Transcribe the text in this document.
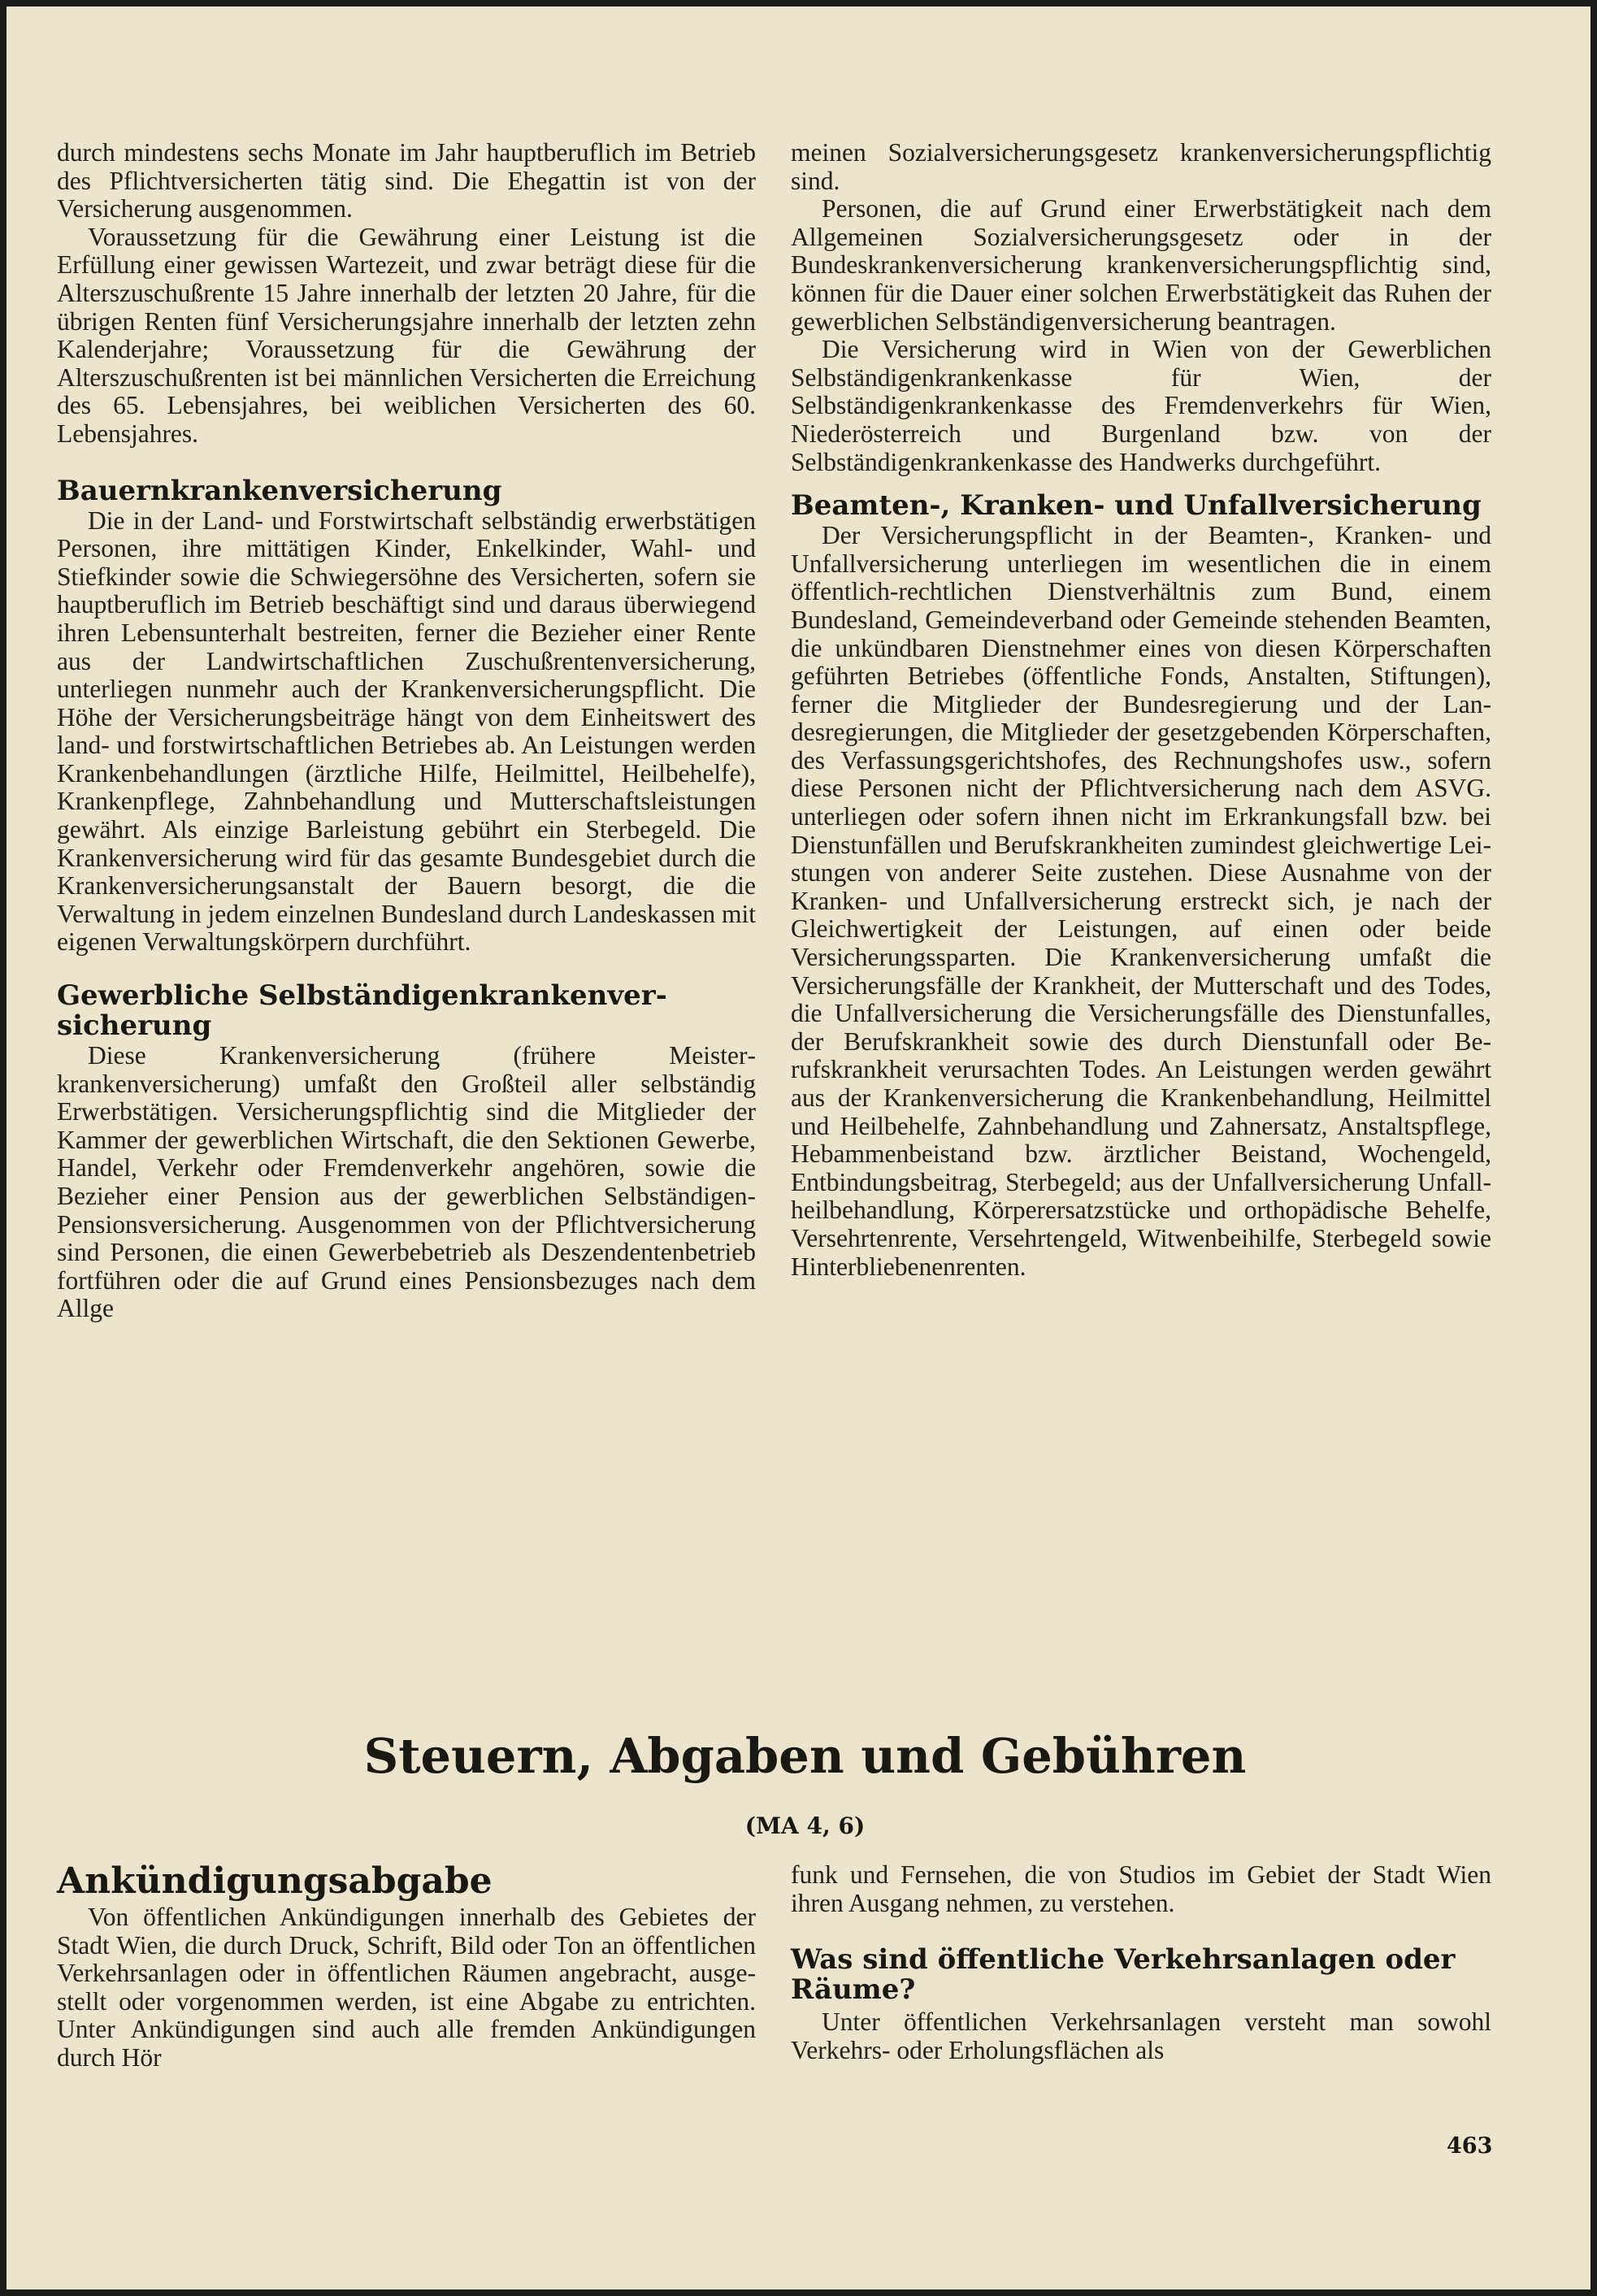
durch mindestens sechs Monate im Jahr hauptberuflich im Betrieb des Pflichtversicherten tätig sind. Die Ehegattin ist von der Versicherung ausgenommen.

Voraussetzung für die Gewährung einer Leistung ist die Erfüllung einer gewissen Wartezeit, und zwar beträgt diese für die Alterszuschußrente 15 Jahre innerhalb der letzten 20 Jahre, für die übrigen Renten fünf Versicherungsjahre innerhalb der letzten zehn Kalenderjahre; Voraussetzung für die Gewährung der Alterszuschußrenten ist bei männlichen Versicherten die Erreichung des 65. Lebensjahres, bei weiblichen Versicherten des 60. Lebensjahres.

Bauernkrankenversicherung

Die in der Land- und Forstwirtschaft selbständig erwerbstätigen Personen, ihre mittätigen Kinder, Enkelkinder, Wahl- und Stiefkinder sowie die Schwiegersöhne des Versicherten, sofern sie hauptberuflich im Betrieb beschäftigt sind und daraus überwiegend ihren Lebensunterhalt bestreiten, ferner die Bezieher einer Rente aus der Landwirtschaftlichen Zuschußrentenversicherung, unterliegen nunmehr auch der Krankenversicherungspflicht. Die Höhe der Versicherungsbeiträge hängt von dem Einheitswert des land- und forstwirtschaftlichen Betriebes ab. An Leistungen werden Krankenbehandlungen (ärztliche Hilfe, Heilmittel, Heilbehelfe), Krankenpflege, Zahnbehandlung und Mutterschaftsleistungen gewährt. Als einzige Barleistung gebührt ein Sterbegeld. Die Krankenversicherung wird für das gesamte Bundesgebiet durch die Krankenversicherungsanstalt der Bauern besorgt, die die Verwaltung in jedem einzelnen Bundesland durch Landeskassen mit eigenen Verwaltungskörpern durchführt.

Gewerbliche Selbständigenkrankenversicherung

Diese Krankenversicherung (frühere Meisterkrankenversicherung) umfaßt den Großteil aller selbständig Erwerbstätigen. Versicherungspflichtig sind die Mitglieder der Kammer der gewerblichen Wirtschaft, die den Sektionen Gewerbe, Handel, Verkehr oder Fremdenverkehr angehören, sowie die Bezieher einer Pension aus der gewerblichen Selbständigen-Pensionsversicherung. Ausgenommen von der Pflichtversicherung sind Personen, die einen Gewerbebetrieb als Deszendentenbetrieb fortführen oder die auf Grund eines Pensionsbezuges nach dem Allge

meinen Sozialversicherungsgesetz krankenversicherungspflichtig sind.

Personen, die auf Grund einer Erwerbstätigkeit nach dem Allgemeinen Sozialversicherungsgesetz oder in der Bundeskrankenversicherung krankenversicherungspflichtig sind, können für die Dauer einer solchen Erwerbstätigkeit das Ruhen der gewerblichen Selbständigenversicherung beantragen.

Die Versicherung wird in Wien von der Gewerblichen Selbständigenkrankenkasse für Wien, der Selbständigenkrankenkasse des Fremdenverkehrs für Wien, Niederösterreich und Burgenland bzw. von der Selbständigenkrankenkasse des Handwerks durchgeführt.

Beamten-, Kranken- und Unfallversicherung

Der Versicherungspflicht in der Beamten-, Kranken- und Unfallversicherung unterliegen im wesentlichen die in einem öffentlich-rechtlichen Dienstverhältnis zum Bund, einem Bundesland, Gemeindeverband oder Gemeinde stehenden Beamten, die unkündbaren Dienstnehmer eines von diesen Körperschaften geführten Betriebes (öffentliche Fonds, Anstalten, Stiftungen), ferner die Mitglieder der Bundesregierung und der Landesregierungen, die Mitglieder der gesetzgebenden Körperschaften, des Verfassungsgerichtshofes, des Rechnungshofes usw., sofern diese Personen nicht der Pflichtversicherung nach dem ASVG. unterliegen oder sofern ihnen nicht im Erkrankungsfall bzw. bei Dienstunfällen und Berufskrankheiten zumindest gleichwertige Leistungen von anderer Seite zustehen. Diese Ausnahme von der Kranken- und Unfallversicherung erstreckt sich, je nach der Gleichwertigkeit der Leistungen, auf einen oder beide Versicherungssparten. Die Krankenversicherung umfaßt die Versicherungsfälle der Krankheit, der Mutterschaft und des Todes, die Unfallversicherung die Versicherungsfälle des Dienstunfalles, der Berufskrankheit sowie des durch Dienstunfall oder Berufskrankheit verursachten Todes. An Leistungen werden gewährt aus der Krankenversicherung die Krankenbehandlung, Heilmittel und Heilbehelfe, Zahnbehandlung und Zahnersatz, Anstaltspflege, Hebammenbeistand bzw. ärztlicher Beistand, Wochengeld, Entbindungsbeitrag, Sterbegeld; aus der Unfallversicherung Unfallheilbehandlung, Körperersatzstücke und orthopädische Behelfe, Versehrtenrente, Versehrtengeld, Witwenbeihilfe, Sterbegeld sowie Hinterbliebenenrenten.

Steuern, Abgaben und Gebühren
(MA 4, 6)
Ankündigungsabgabe

Von öffentlichen Ankündigungen innerhalb des Gebietes der Stadt Wien, die durch Druck, Schrift, Bild oder Ton an öffentlichen Verkehrsanlagen oder in öffentlichen Räumen angebracht, ausgestellt oder vorgenommen werden, ist eine Abgabe zu entrichten. Unter Ankündigungen sind auch alle fremden Ankündigungen durch Hör

funk und Fernsehen, die von Studios im Gebiet der Stadt Wien ihren Ausgang nehmen, zu verstehen.

Was sind öffentliche Verkehrsanlagen oder Räume?

Unter öffentlichen Verkehrsanlagen versteht man sowohl Verkehrs- oder Erholungsflächen als

463
